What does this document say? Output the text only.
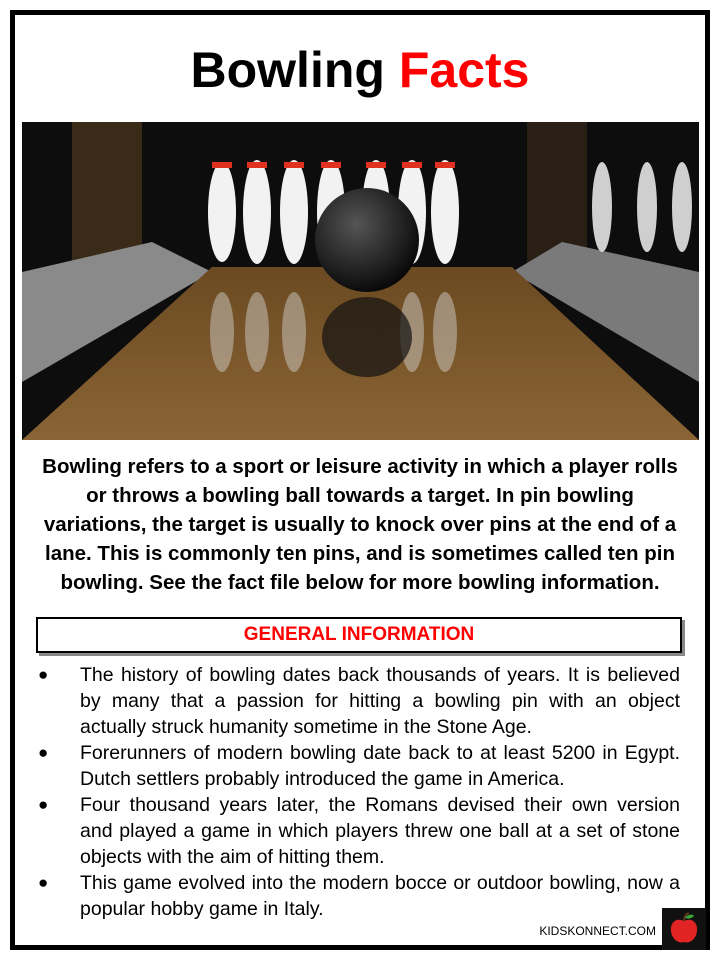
Bowling Facts

Bowling refers to a sport or leisure activity in which a player rolls or throws a bowling ball towards a target. In pin bowling variations, the target is usually to knock over pins at the end of a lane. This is commonly ten pins, and is sometimes called ten pin bowling. See the fact file below for more bowling information.

GENERAL INFORMATION
● The history of bowling dates back thousands of years. It is believed by many that a passion for hitting a bowling pin with an object actually struck humanity sometime in the Stone Age.
● Forerunners of modern bowling date back to at least 5200 in Egypt. Dutch settlers probably introduced the game in America.
● Four thousand years later, the Romans devised their own version and played a game in which players threw one ball at a set of stone objects with the aim of hitting them.
● This game evolved into the modern bocce or outdoor bowling, now a popular hobby game in Italy.
KIDSKONNECT.COM
